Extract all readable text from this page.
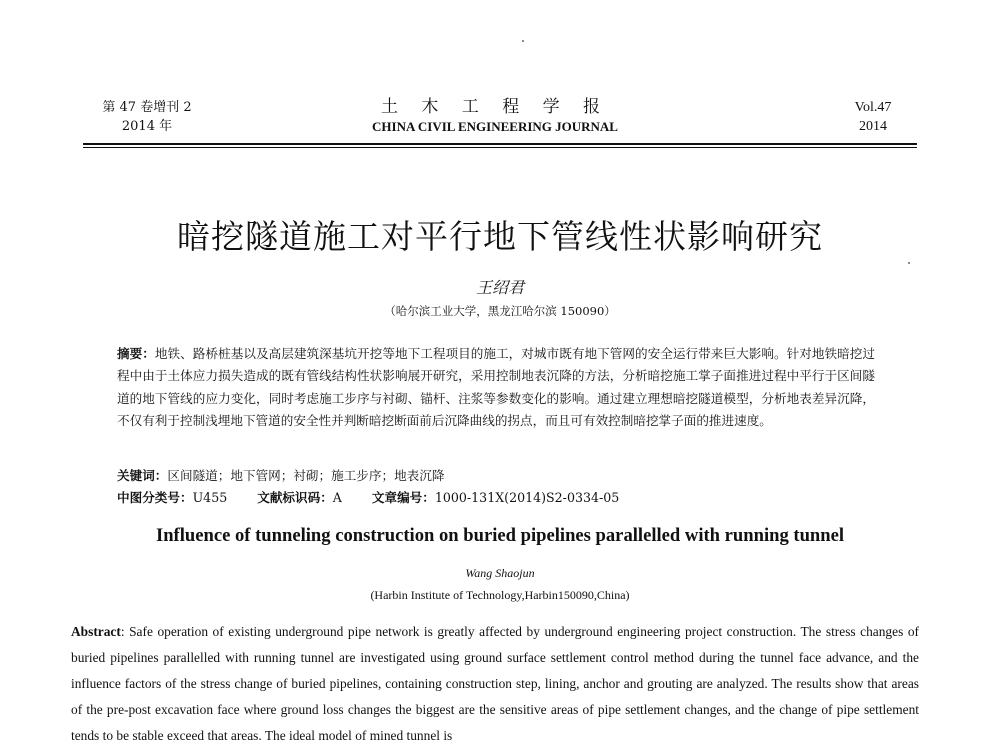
第 47 卷增刊 2
2014 年
土 木 工 程 学 报
CHINA CIVIL ENGINEERING JOURNAL
Vol.47
2014
暗挖隧道施工对平行地下管线性状影响研究
王绍君
（哈尔滨工业大学，黑龙江哈尔滨 150090）
摘要：地铁、路桥桩基以及高层建筑深基坑开挖等地下工程项目的施工，对城市既有地下管网的安全运行带来巨大影响。针对地铁暗挖过程中由于土体应力损失造成的既有管线结构性状影响展开研究，采用控制地表沉降的方法，分析暗挖施工掌子面推进过程中平行于区间隧道的地下管线的应力变化，同时考虑施工步序与衬砌、锚杆、注浆等参数变化的影响。通过建立理想暗挖隧道模型，分析地表差异沉降，不仅有利于控制浅埋地下管道的安全性并判断暗挖断面前后沉降曲线的拐点，而且可有效控制暗挖掌子面的推进速度。
关键词：区间隧道；地下管网；衬砌；施工步序；地表沉降
中图分类号：U455 文献标识码：A 文章编号：1000-131X(2014)S2-0334-05
Influence of tunneling construction on buried pipelines parallelled with running tunnel
Wang Shaojun
(Harbin Institute of Technology,Harbin150090,China)
Abstract: Safe operation of existing underground pipe network is greatly affected by underground engineering project construction. The stress changes of buried pipelines parallelled with running tunnel are investigated using ground surface settlement control method during the tunnel face advance, and the influence factors of the stress change of buried pipelines, containing construction step, lining, anchor and grouting are analyzed. The results show that areas of the pre-post excavation face where ground loss changes the biggest are the sensitive areas of pipe settlement changes, and the change of pipe settlement tends to be stable exceed that areas. The ideal model of mined tunnel is
